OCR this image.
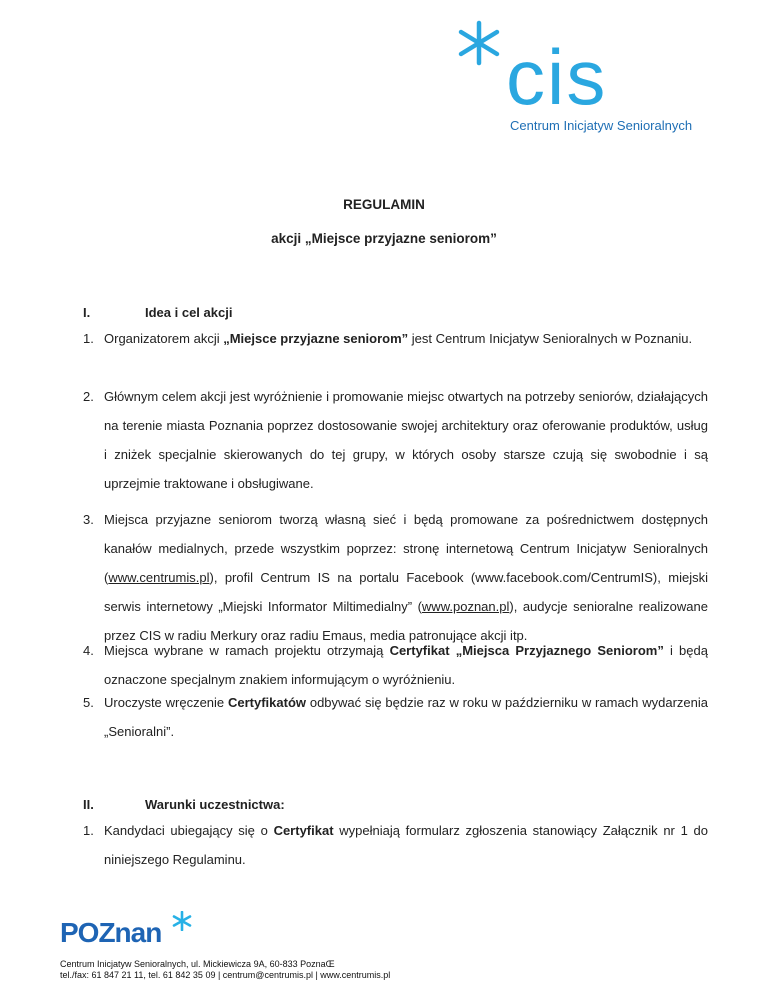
cis
Centrum Inicjatyw Senioralnych
REGULAMIN
akcji „Miejsce przyjazne seniorom”
I.	Idea i cel akcji
1. Organizatorem akcji „Miejsce przyjazne seniorom” jest Centrum Inicjatyw Senioralnych w Poznaniu.
2. Głównym celem akcji jest wyróżnienie i promowanie miejsc otwartych na potrzeby seniorów, działających na terenie miasta Poznania poprzez dostosowanie swojej architektury oraz oferowanie produktów, usług i zniżek specjalnie skierowanych do tej grupy, w których osoby starsze czują się swobodnie i są uprzejmie traktowane i obsługiwane.
3. Miejsca przyjazne seniorom tworzą własną sieć i będą promowane za pośrednictwem dostępnych kanałów medialnych, przede wszystkim poprzez: stronę internetową Centrum Inicjatyw Senioralnych (www.centrumis.pl), profil Centrum IS na portalu Facebook (www.facebook.com/CentrumIS), miejski serwis internetowy „Miejski Informator Miltimedialny” (www.poznan.pl), audycje senioralne realizowane przez CIS w radiu Merkury oraz radiu Emaus, media patronujące akcji itp.
4. Miejsca wybrane w ramach projektu otrzymają Certyfikat „Miejsca Przyjaznego Seniorom” i będą oznaczone specjalnym znakiem informującym o wyróżnieniu.
5. Uroczyste wręczenie Certyfikatów odbywać się będzie raz w roku w październiku w ramach wydarzenia „Senioralni”.
II.	Warunki uczestnictwa:
1. Kandydaci ubiegający się o Certyfikat wypełniają formularz zgłoszenia stanowiący Załącznik nr 1 do niniejszego Regulaminu.
POZnan
Centrum Inicjatyw Senioralnych, ul. Mickiewicza 9A, 60-833 PoznaŒ
tel./fax: 61 847 21 11, tel. 61 842 35 09 | centrum@centrumis.pl | www.centrumis.pl
